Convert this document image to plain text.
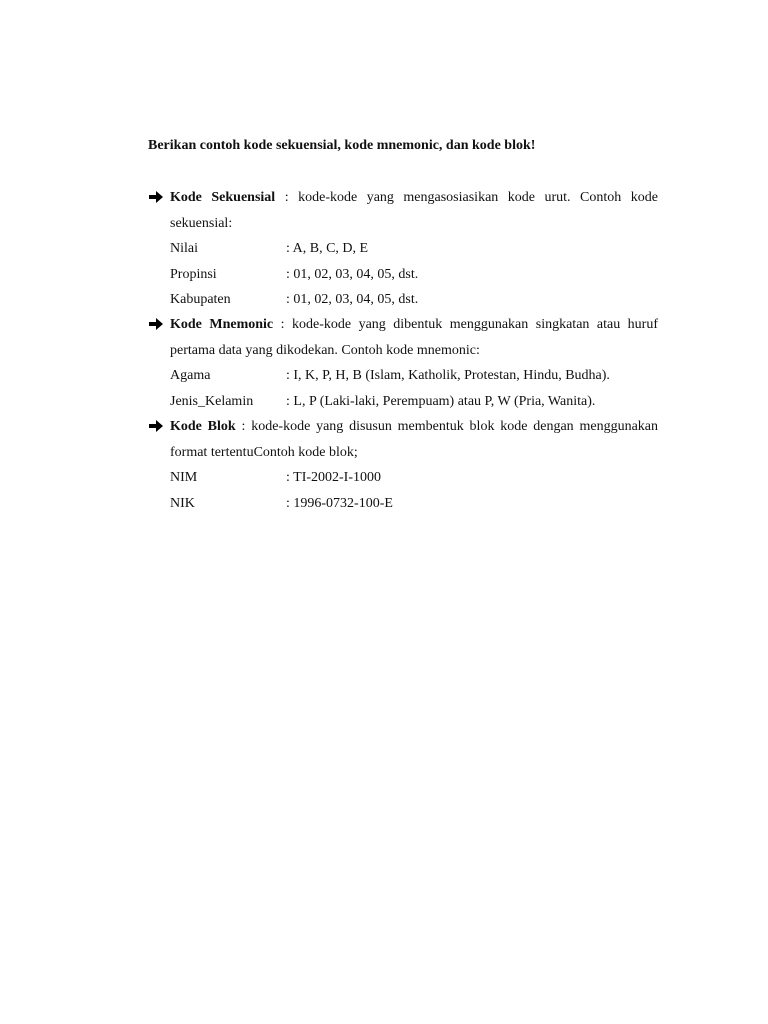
Berikan contoh kode sekuensial, kode mnemonic, dan kode blok!
Kode Sekuensial : kode-kode yang mengasosiasikan kode urut. Contoh kode sekuensial:
Nilai	: A, B, C, D, E
Propinsi	: 01, 02, 03, 04, 05, dst.
Kabupaten	: 01, 02, 03, 04, 05, dst.
Kode Mnemonic : kode-kode yang dibentuk menggunakan singkatan atau huruf pertama data yang dikodekan. Contoh kode mnemonic:
Agama	: I, K, P, H, B (Islam, Katholik, Protestan, Hindu, Budha).
Jenis_Kelamin	: L, P (Laki-laki, Perempuam) atau P, W (Pria, Wanita).
Kode Blok : kode-kode yang disusun membentuk blok kode dengan menggunakan format tertentuContoh kode blok;
NIM	: TI-2002-I-1000
NIK	: 1996-0732-100-E
